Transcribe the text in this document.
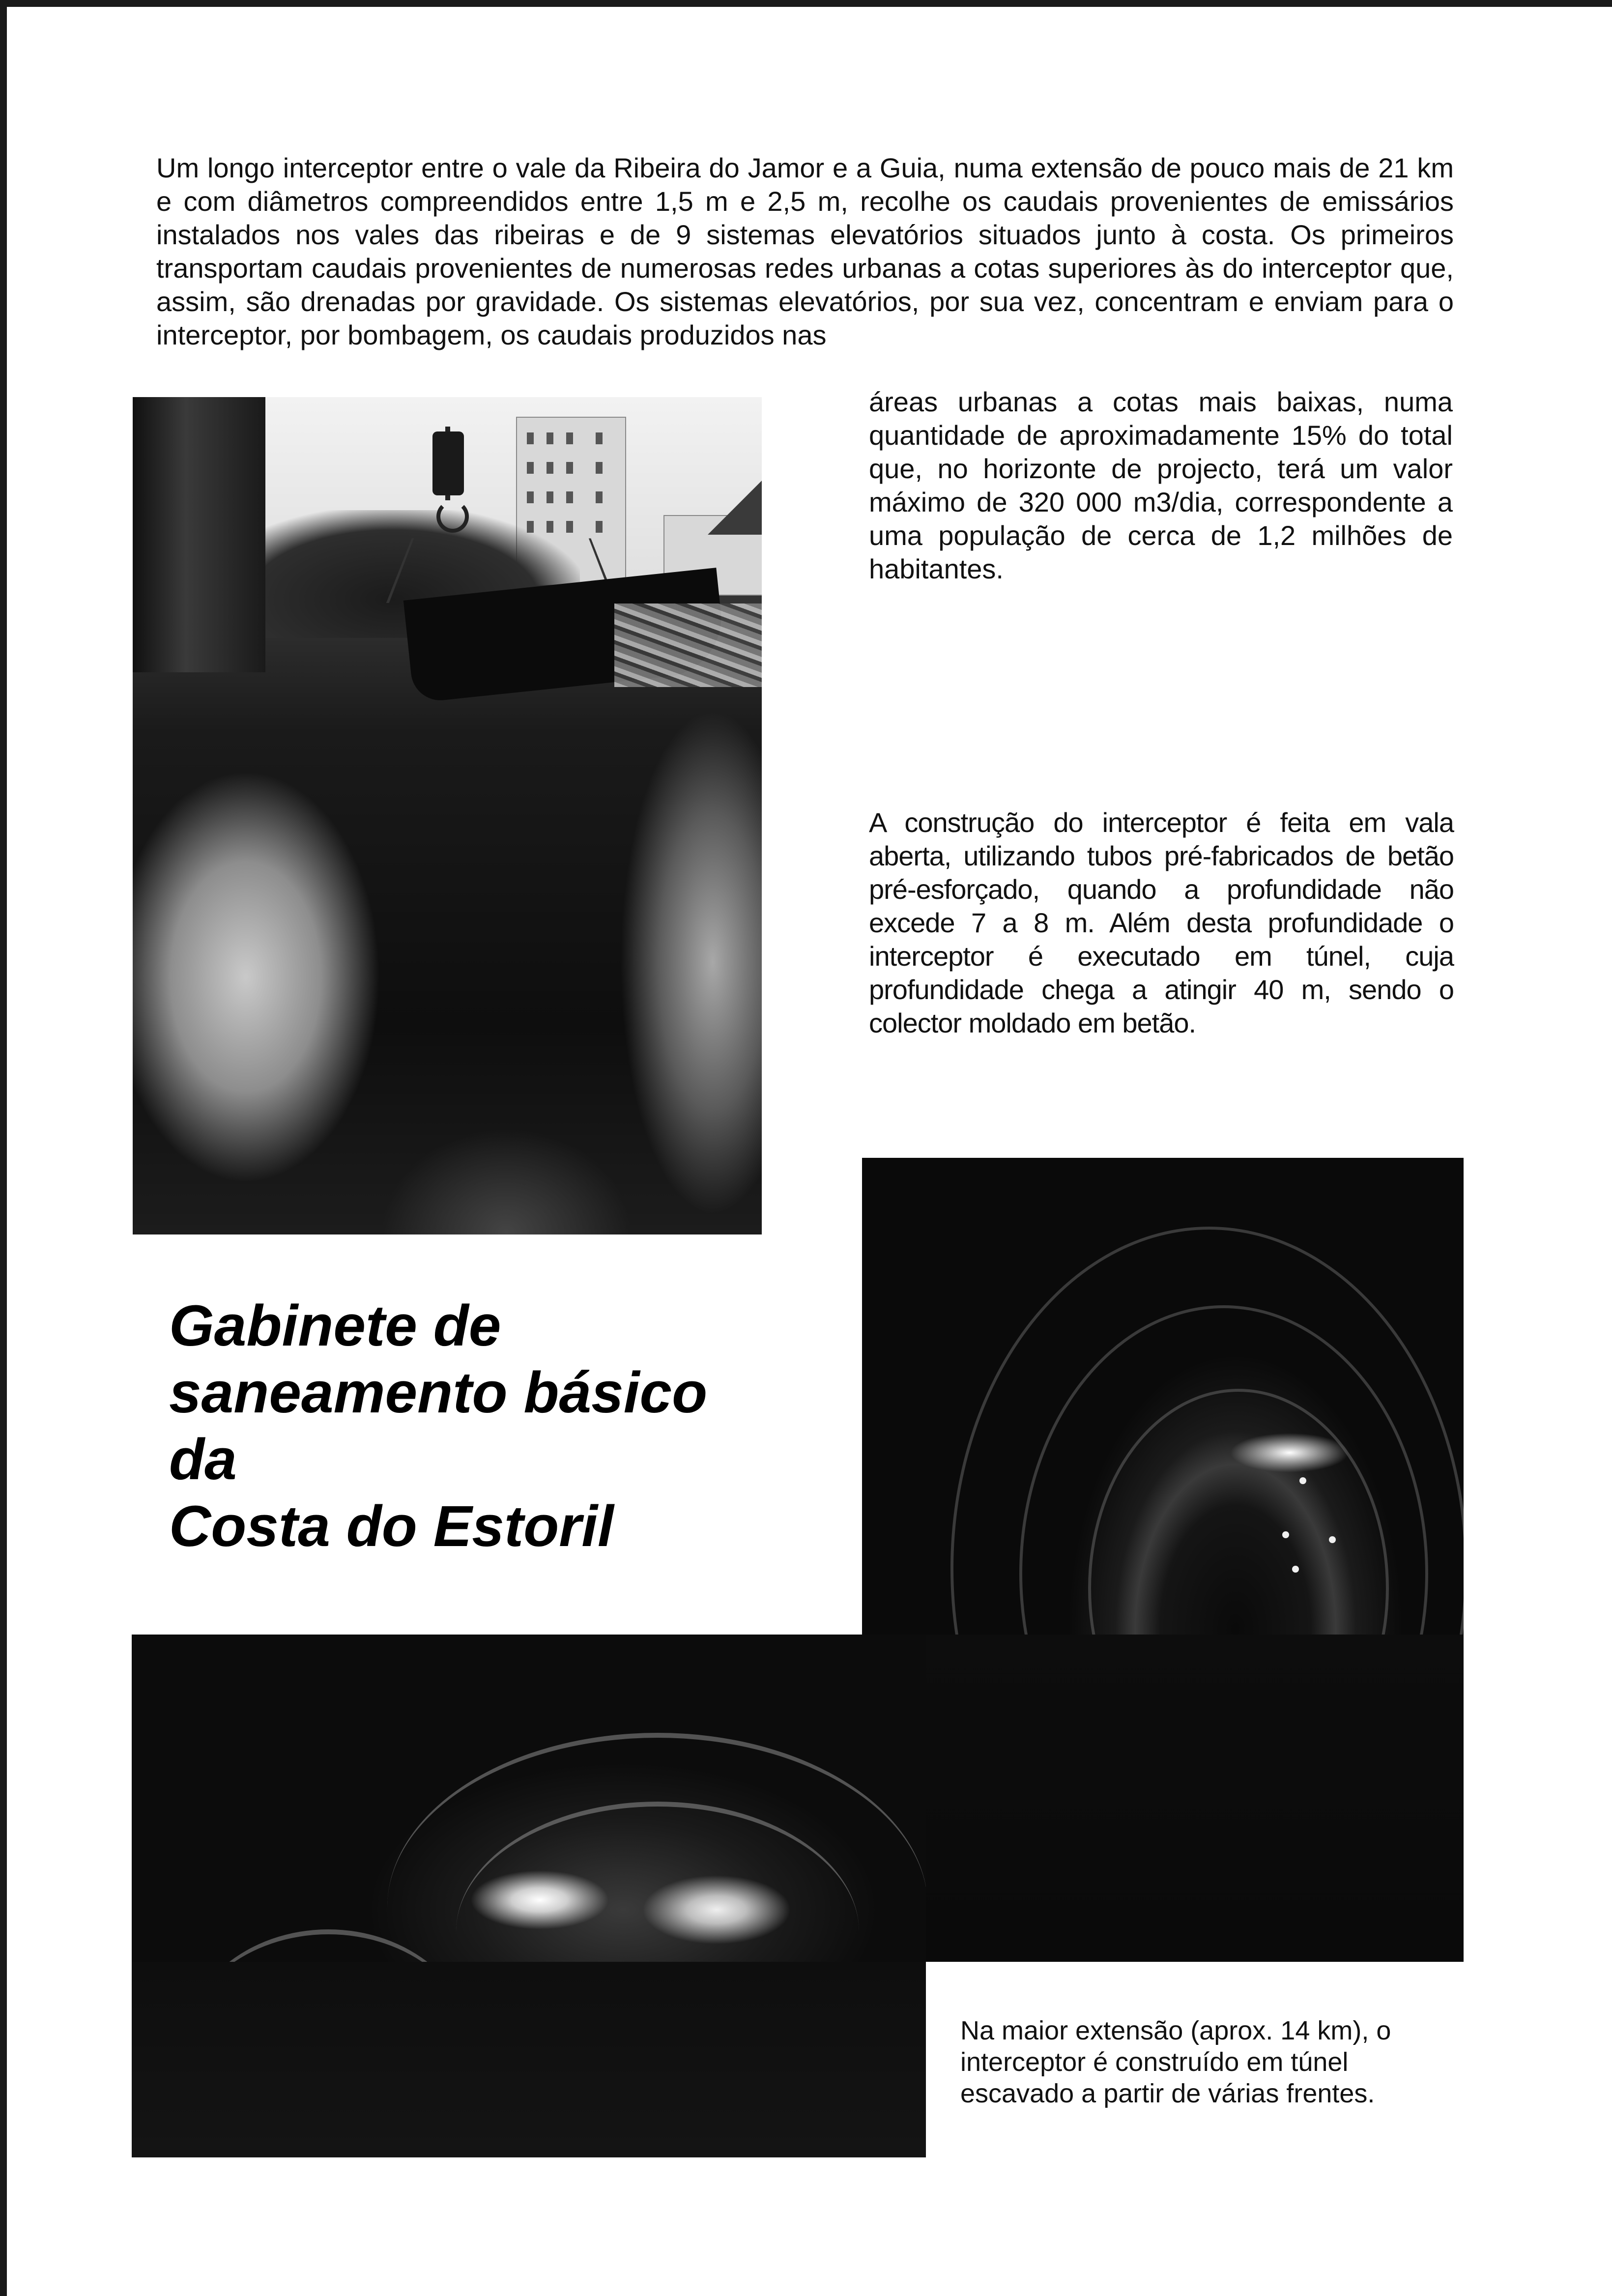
Um longo interceptor entre o vale da Ribeira do Jamor e a Guia, numa extensão de pouco mais de 21 km e com diâmetros compreendidos entre 1,5 m e 2,5 m, recolhe os caudais provenientes de emissários instalados nos vales das ribeiras e de 9 sistemas elevatórios situados junto à costa. Os primeiros transportam caudais provenientes de numerosas redes urbanas a cotas superiores às do interceptor que, assim, são drenadas por gravidade. Os sistemas elevatórios, por sua vez, concentram e enviam para o interceptor, por bombagem, os caudais produzidos nas

áreas urbanas a cotas mais baixas, numa quantidade de aproximadamente 15% do total que, no horizonte de projecto, terá um valor máximo de 320 000 m3/dia, correspondente a uma população de cerca de 1,2 milhões de habitantes.

A construção do interceptor é feita em vala aberta, utilizando tubos pré-fabricados de betão pré-esforçado, quando a profundidade não excede 7 a 8 m. Além desta profundidade o interceptor é executado em túnel, cuja profundidade chega a atingir 40 m, sendo o colector moldado em betão.

Gabinete de
saneamento básico
da
Costa do Estoril

Na maior extensão (aprox. 14 km), o interceptor é construído em túnel escavado a partir de várias frentes.
